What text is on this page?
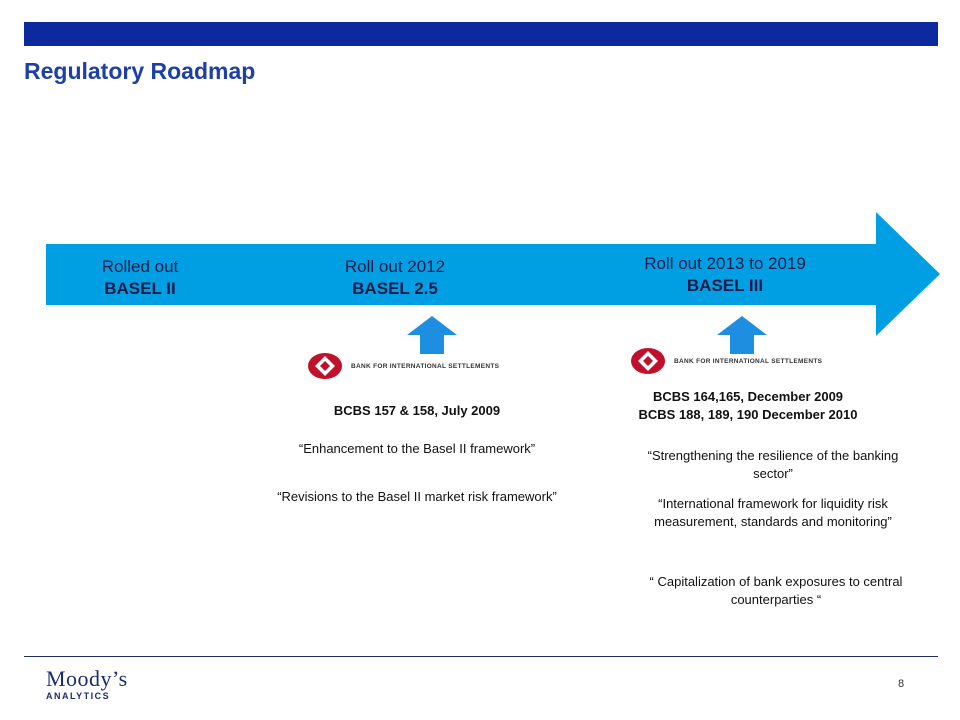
Regulatory Roadmap
Rolled out
BASEL II
Roll out 2012
BASEL 2.5
Roll out 2013 to 2019
BASEL III
BANK FOR INTERNATIONAL SETTLEMENTS
BANK FOR INTERNATIONAL SETTLEMENTS
BCBS 157 & 158, July 2009
“Enhancement to the Basel II framework”
“Revisions to the Basel II market risk framework”
BCBS 164,165, December 2009
BCBS 188, 189, 190 December 2010
“Strengthening the resilience of the banking sector”
“International framework for liquidity risk measurement, standards and monitoring”
“ Capitalization of bank exposures to central counterparties “
Moody’s
ANALYTICS
8
